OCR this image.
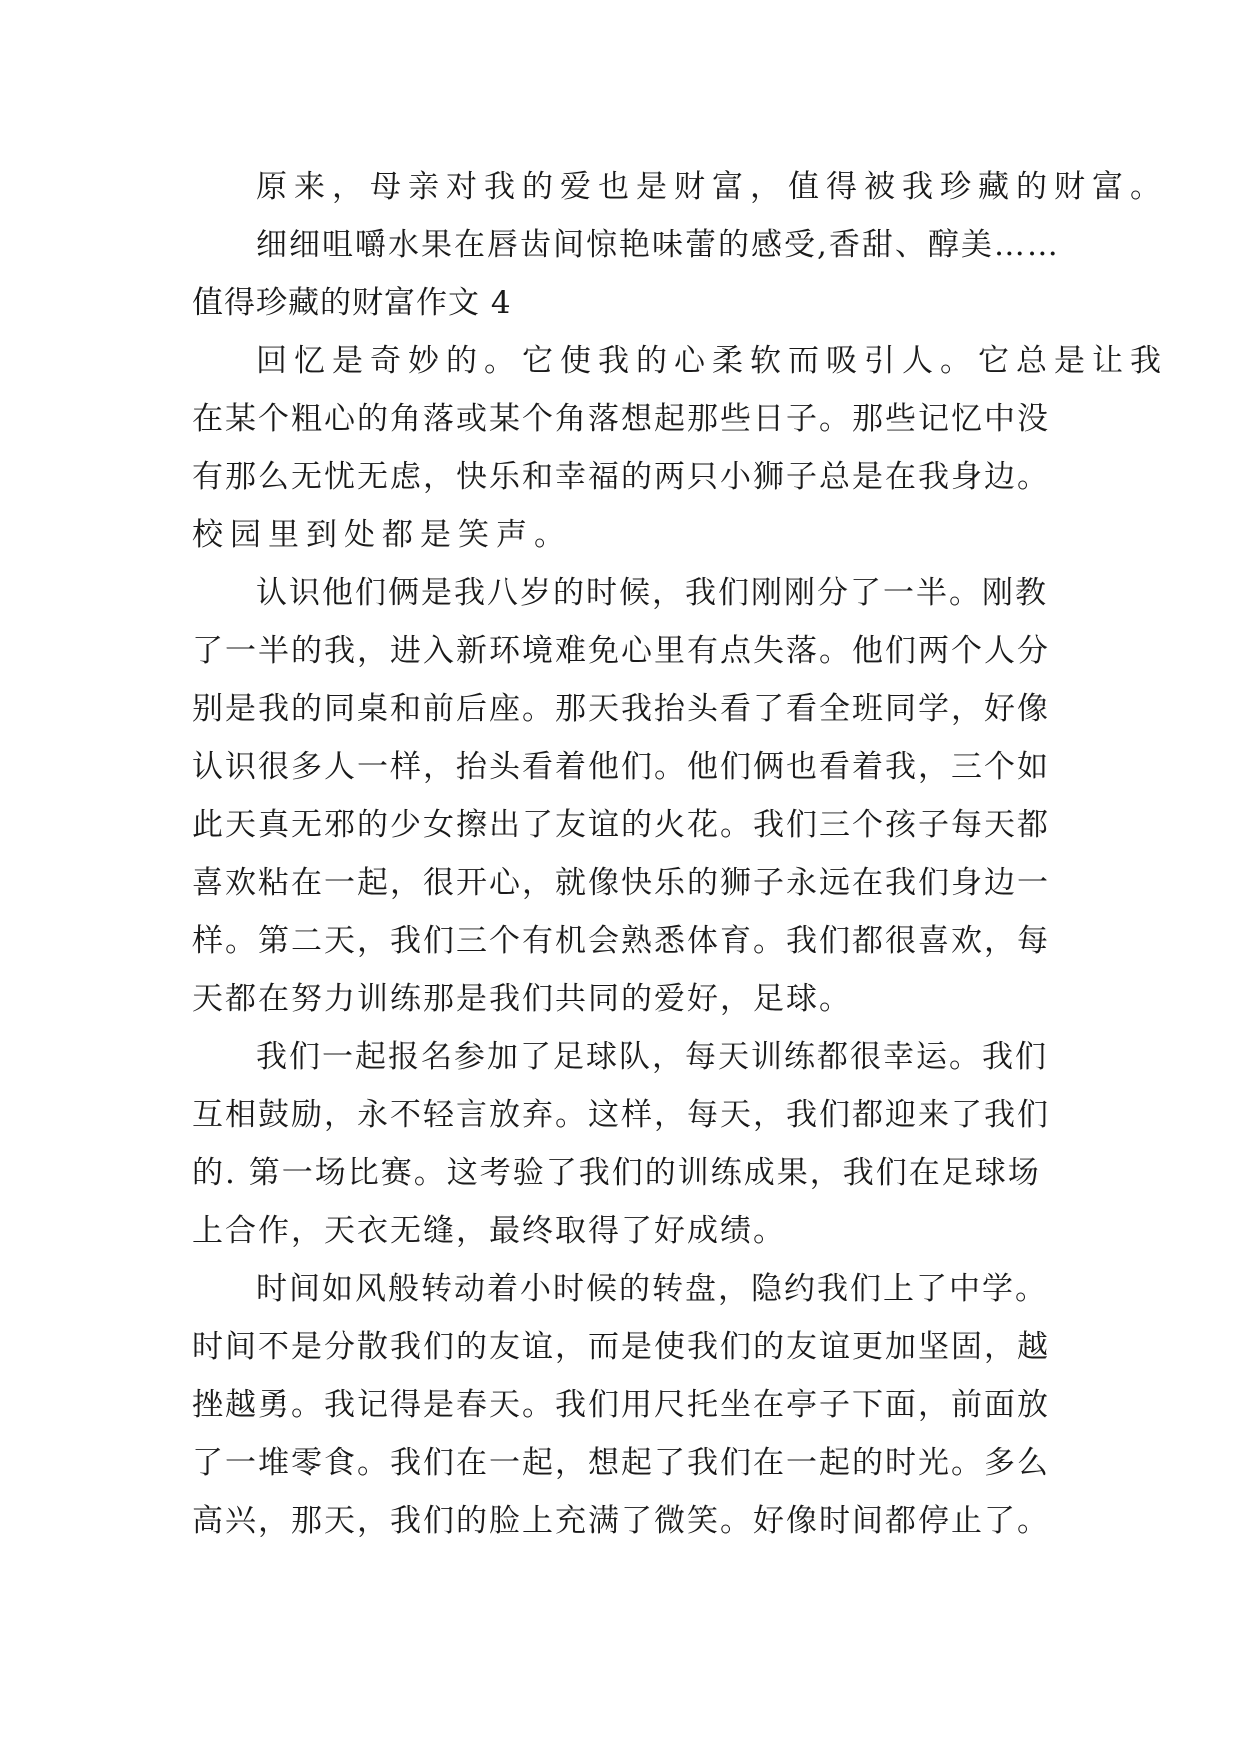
原来，母亲对我的爱也是财富，值得被我珍藏的财富。
细细咀嚼水果在唇齿间惊艳味蕾的感受,香甜、醇美……
值得珍藏的财富作文 4
回忆是奇妙的。它使我的心柔软而吸引人。它总是让我
在某个粗心的角落或某个角落想起那些日子。那些记忆中没
有那么无忧无虑，快乐和幸福的两只小狮子总是在我身边。
校园里到处都是笑声。
认识他们俩是我八岁的时候，我们刚刚分了一半。刚教
了一半的我，进入新环境难免心里有点失落。他们两个人分
别是我的同桌和前后座。那天我抬头看了看全班同学，好像
认识很多人一样，抬头看着他们。他们俩也看着我，三个如
此天真无邪的少女擦出了友谊的火花。我们三个孩子每天都
喜欢粘在一起，很开心，就像快乐的狮子永远在我们身边一
样。第二天，我们三个有机会熟悉体育。我们都很喜欢，每
天都在努力训练那是我们共同的爱好，足球。
我们一起报名参加了足球队，每天训练都很幸运。我们
互相鼓励，永不轻言放弃。这样，每天，我们都迎来了我们
的. 第一场比赛。这考验了我们的训练成果，我们在足球场
上合作，天衣无缝，最终取得了好成绩。
时间如风般转动着小时候的转盘，隐约我们上了中学。
时间不是分散我们的友谊，而是使我们的友谊更加坚固，越
挫越勇。我记得是春天。我们用尺托坐在亭子下面，前面放
了一堆零食。我们在一起，想起了我们在一起的时光。多么
高兴，那天，我们的脸上充满了微笑。好像时间都停止了。
